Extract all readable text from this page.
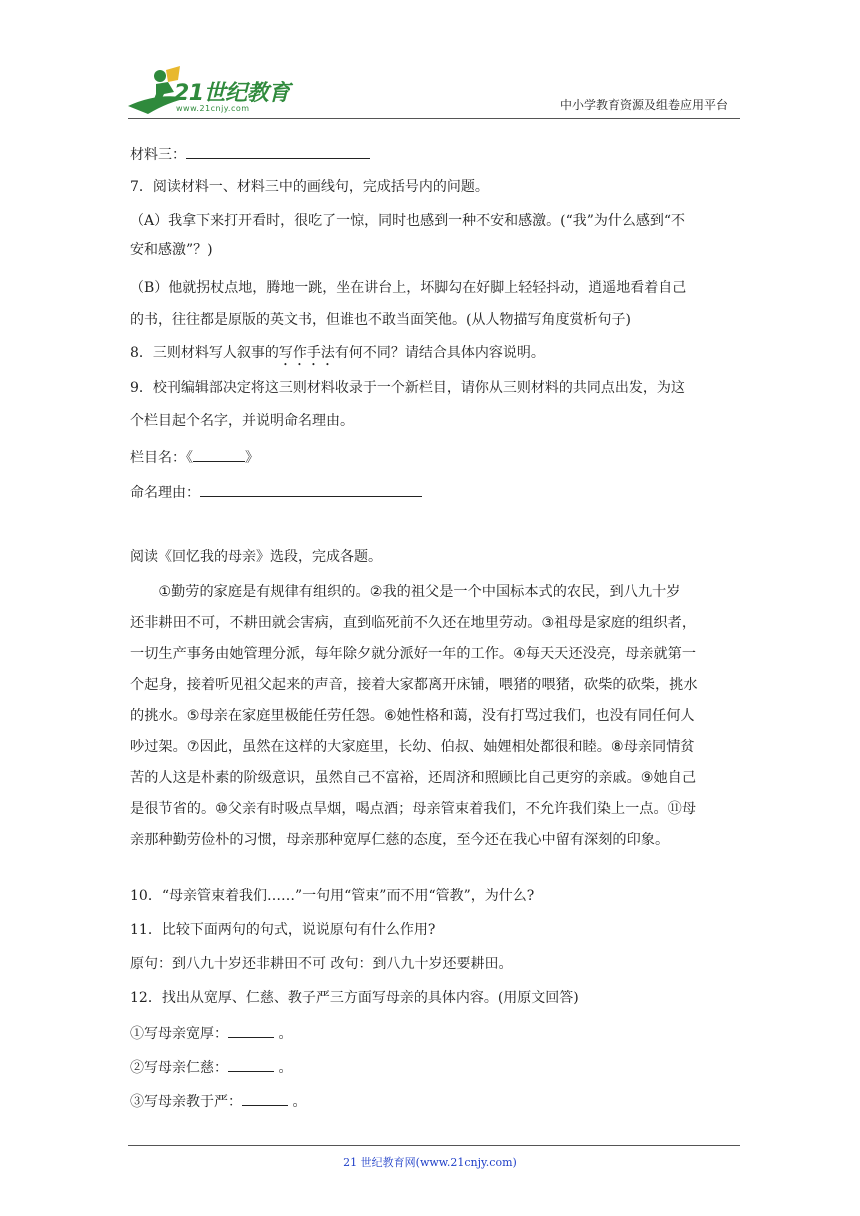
21世纪教育
www.21cnjy.com	中小学教育资源及组卷应用平台
材料三：
7．阅读材料一、材料三中的画线句，完成括号内的问题。
（A）我拿下来打开看时，很吃了一惊，同时也感到一种不安和感激。(“我”为什么感到“不
安和感激”？)
（B）他就拐杖点地，腾地一跳，坐在讲台上，坏脚勾在好脚上轻轻抖动，逍遥地看着自己
的书，往往都是原版的英文书，但谁也不敢当面笑他。(从人物描写角度赏析句子)
8．三则材料写人叙事的写作手法有何不同？请结合具体内容说明。
9．校刊编辑部决定将这三则材料收录于一个新栏目，请你从三则材料的共同点出发，为这
个栏目起个名字，并说明命名理由。
栏目名：《	》
命名理由：
阅读《回忆我的母亲》选段，完成各题。
　　①勤劳的家庭是有规律有组织的。②我的祖父是一个中国标本式的农民，到八九十岁
还非耕田不可，不耕田就会害病，直到临死前不久还在地里劳动。③祖母是家庭的组织者，
一切生产事务由她管理分派，每年除夕就分派好一年的工作。④每天天还没亮，母亲就第一
个起身，接着听见祖父起来的声音，接着大家都离开床铺，喂猪的喂猪，砍柴的砍柴，挑水
的挑水。⑤母亲在家庭里极能任劳任怨。⑥她性格和蔼，没有打骂过我们，也没有同任何人
吵过架。⑦因此，虽然在这样的大家庭里，长幼、伯叔、妯娌相处都很和睦。⑧母亲同情贫
苦的人这是朴素的阶级意识，虽然自己不富裕，还周济和照顾比自己更穷的亲戚。⑨她自己
是很节省的。⑩父亲有时吸点旱烟，喝点酒；母亲管束着我们，不允许我们染上一点。⑪母
亲那种勤劳俭朴的习惯，母亲那种宽厚仁慈的态度，至今还在我心中留有深刻的印象。
10．“母亲管束着我们……”一句用“管束”而不用“管教”，为什么?
11．比较下面两句的句式，说说原句有什么作用?
原句：到八九十岁还非耕田不可 改句：到八九十岁还要耕田。
12．找出从宽厚、仁慈、教子严三方面写母亲的具体内容。(用原文回答)
①写母亲宽厚：	。
②写母亲仁慈：	。
③写母亲教于严：	。
21 世纪教育网(www.21cnjy.com)
